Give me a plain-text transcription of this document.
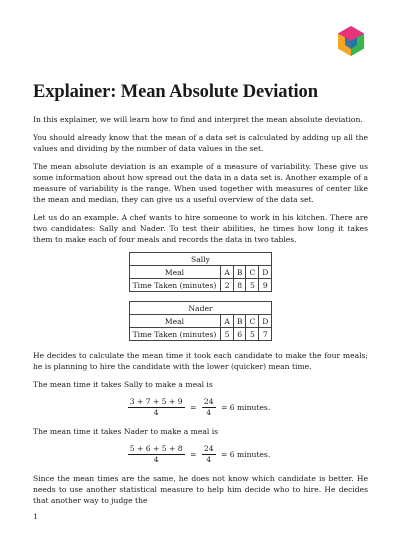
Explainer: Mean Absolute Deviation

In this explainer, we will learn how to find and interpret the mean absolute deviation.

You should already know that the mean of a data set is calculated by adding up all the values and dividing by the number of data values in the set.

The mean absolute deviation is an example of a measure of variability. These give us some information about how spread out the data in a data set is. Another example of a measure of variability is the range. When used together with measures of center like the mean and median, they can give us a useful overview of the data set.

Let us do an example. A chef wants to hire someone to work in his kitchen. There are two candidates: Sally and Nader. To test their abilities, he times how long it takes them to make each of four meals and records the data in two tables.

Sally				
Meal	A	B	C	D
Time Taken (minutes)	2	8	5	9
Nader				
Meal	A	B	C	D
Time Taken (minutes)	5	6	5	7

He decides to calculate the mean time it took each candidate to make the four meals; he is planning to hire the candidate with the lower (quicker) mean time.

The mean time it takes Sally to make a meal is

$\frac{3 + 7 + 5 + 9}{4} = \frac{24}{4} = 6$ minutes.

The mean time it takes Nader to make a meal is

$\frac{5 + 6 + 5 + 8}{4} = \frac{24}{4} = 6$ minutes.

Since the mean times are the same, he does not know which candidate is better. He needs to use another statistical measure to help him decide who to hire. He decides that another way to judge the

1
